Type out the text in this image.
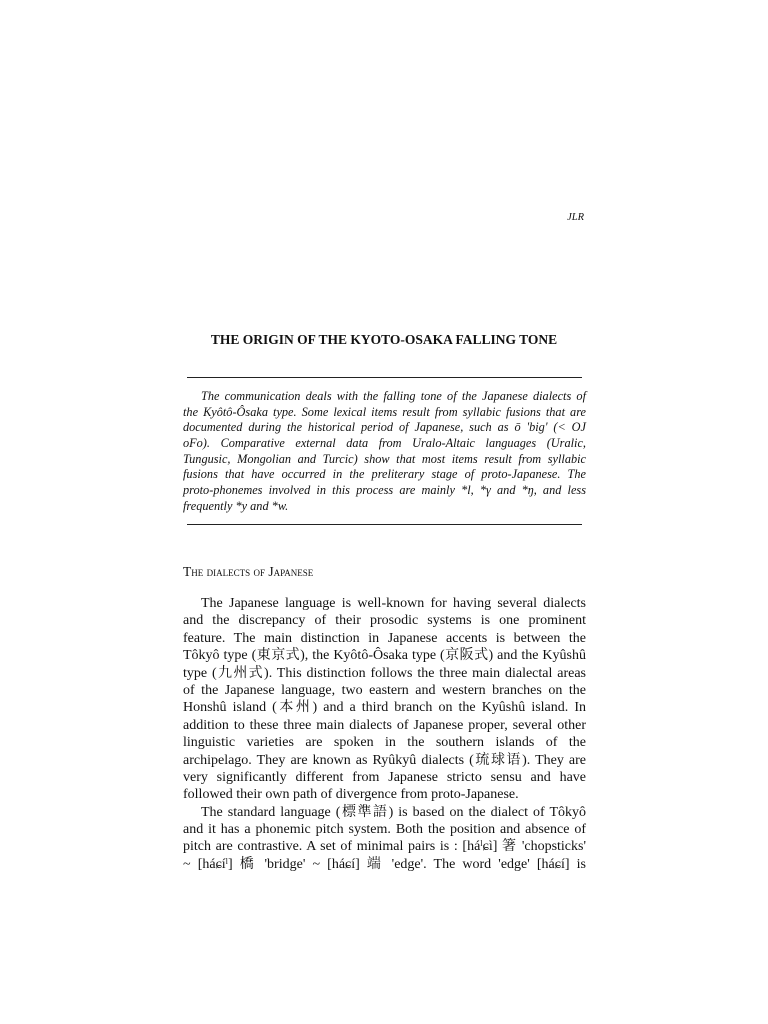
JLR
THE ORIGIN OF THE KYOTO-OSAKA FALLING TONE
The communication deals with the falling tone of the Japanese dialects of
the Kyôtô-Ôsaka type. Some lexical items result from syllabic fusions that are
documented during the historical period of Japanese, such as ō 'big' (< OJ
oFo). Comparative external data from Uralo-Altaic languages (Uralic,
Tungusic, Mongolian and Turcic) show that most items result from syllabic
fusions that have occurred in the preliterary stage of proto-Japanese. The
proto-phonemes involved in this process are mainly *l, *γ and *ŋ, and less
frequently *y and *w.
The dialects of Japanese
The Japanese language is well-known for having several dialects
and the discrepancy of their prosodic systems is one prominent
feature. The main distinction in Japanese accents is between the
Tôkyô type (東京式), the Kyôtô-Ôsaka type (京阪式) and the Kyûshû
type (九州式). This distinction follows the three main dialectal areas
of the Japanese language, two eastern and western branches on the
Honshû island (本州) and a third branch on the Kyûshû island. In
addition to these three main dialects of Japanese proper, several other
linguistic varieties are spoken in the southern islands of the
archipelago. They are known as Ryûkyû dialects (琉球语). They are
very significantly different from Japanese stricto sensu and have
followed their own path of divergence from proto-Japanese.
The standard language (標準語) is based on the dialect of Tôkyô
and it has a phonemic pitch system. Both the position and absence of
pitch are contrastive. A set of minimal pairs is : [háˡɕì] 箸 'chopsticks'
~ [háɕíˡ] 橋 'bridge' ~ [háɕí] 端 'edge'. The word 'edge' [háɕí] is
